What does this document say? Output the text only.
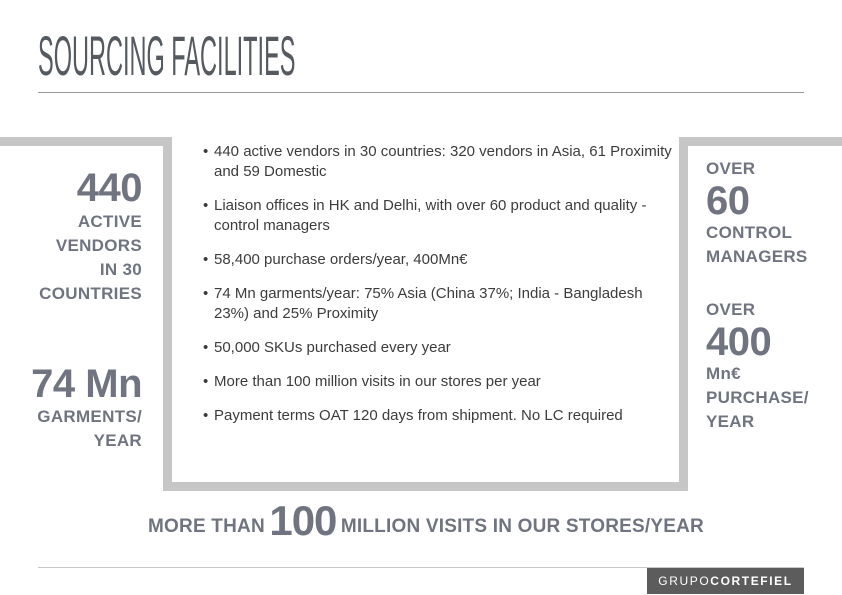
SOURCING FACILITIES
440
ACTIVE
VENDORS
IN 30
COUNTRIES
74 Mn
GARMENTS/
YEAR
• 440 active vendors in 30 countries: 320 vendors in Asia, 61 Proximity and 59 Domestic
• Liaison offices in HK and Delhi, with over 60 product and quality - control managers
• 58,400 purchase orders/year, 400Mn€
• 74 Mn garments/year: 75% Asia (China 37%; India - Bangladesh 23%) and 25% Proximity
• 50,000 SKUs purchased every year
• More than 100 million visits in our stores per year
• Payment terms OAT 120 days from shipment. No LC required
OVER
60
CONTROL
MANAGERS
OVER
400
Mn€
PURCHASE/
YEAR
MORE THAN 100 MILLION VISITS IN OUR STORES/YEAR
GRUPOCORTEFIEL
